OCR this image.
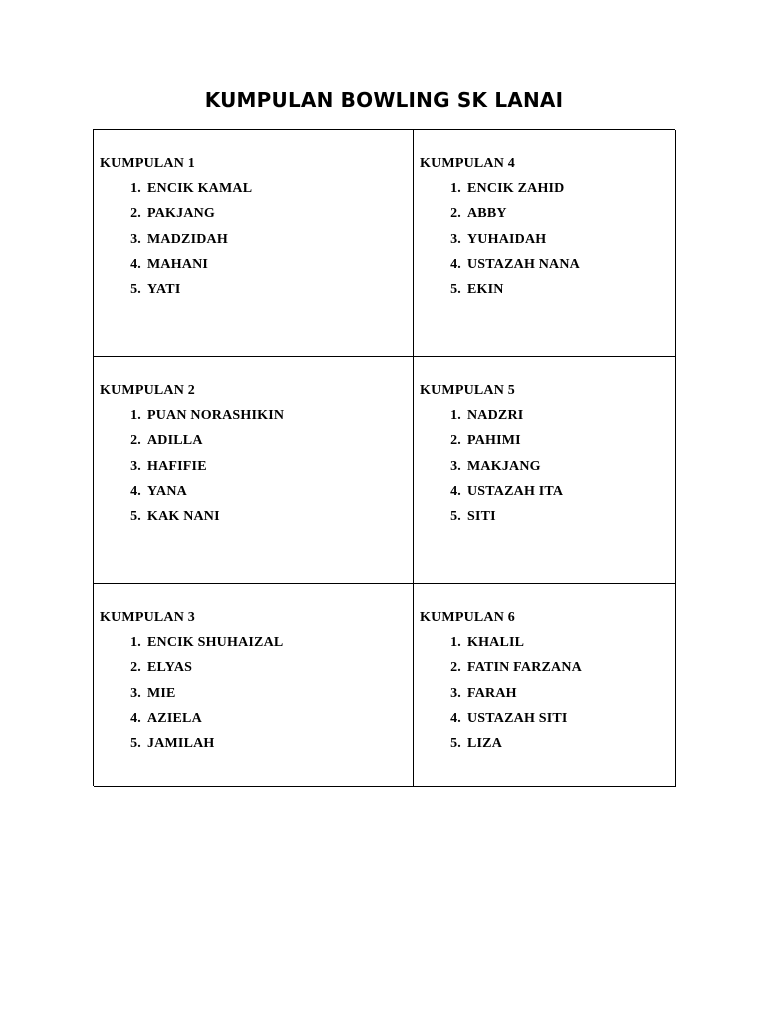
KUMPULAN BOWLING SK LANAI
KUMPULAN 1
1. ENCIK KAMAL
2. PAKJANG
3. MADZIDAH
4. MAHANI
5. YATI
KUMPULAN 4
1. ENCIK ZAHID
2. ABBY
3. YUHAIDAH
4. USTAZAH NANA
5. EKIN
KUMPULAN 2
1. PUAN NORASHIKIN
2. ADILLA
3. HAFIFIE
4. YANA
5. KAK NANI
KUMPULAN 5
1. NADZRI
2. PAHIMI
3. MAKJANG
4. USTAZAH ITA
5. SITI
KUMPULAN 3
1. ENCIK SHUHAIZAL
2. ELYAS
3. MIE
4. AZIELA
5. JAMILAH
KUMPULAN 6
1. KHALIL
2. FATIN FARZANA
3. FARAH
4. USTAZAH SITI
5. LIZA
